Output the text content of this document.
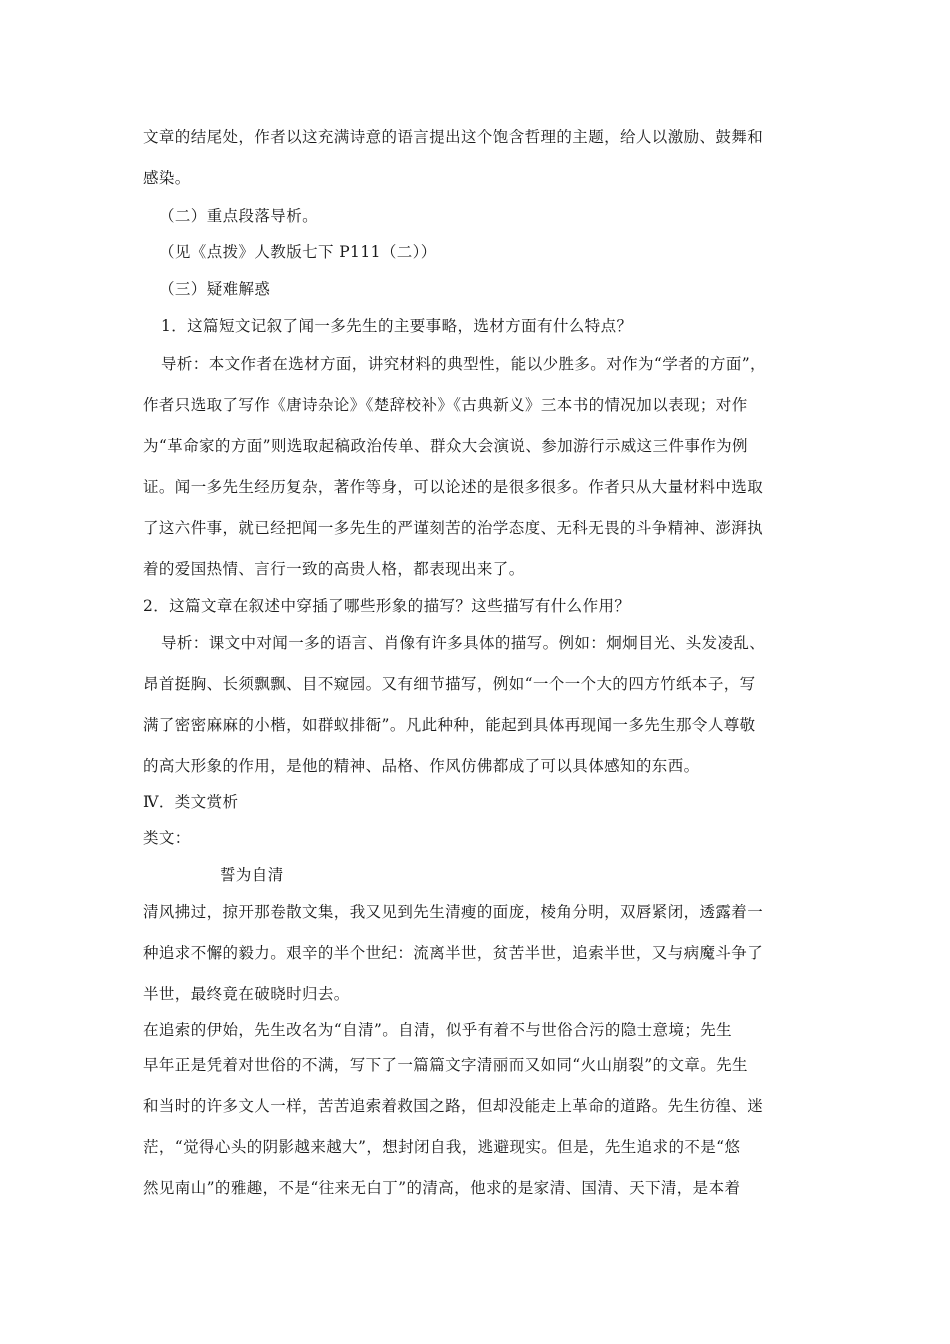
文章的结尾处，作者以这充满诗意的语言提出这个饱含哲理的主题，给人以激励、鼓舞和
感染。
（二）重点段落导析。
（见《点拨》人教版七下 P111（二））
（三）疑难解惑
1．这篇短文记叙了闻一多先生的主要事略，选材方面有什么特点？
导析：本文作者在选材方面，讲究材料的典型性，能以少胜多。对作为“学者的方面”，
作者只选取了写作《唐诗杂论》《楚辞校补》《古典新义》三本书的情况加以表现；对作
为“革命家的方面”则选取起稿政治传单、群众大会演说、参加游行示威这三件事作为例
证。闻一多先生经历复杂，著作等身，可以论述的是很多很多。作者只从大量材料中选取
了这六件事，就已经把闻一多先生的严谨刻苦的治学态度、无科无畏的斗争精神、澎湃执
着的爱国热情、言行一致的高贵人格，都表现出来了。
2．这篇文章在叙述中穿插了哪些形象的描写？这些描写有什么作用？
导析：课文中对闻一多的语言、肖像有许多具体的描写。例如：炯炯目光、头发凌乱、
昂首挺胸、长须飘飘、目不窥园。又有细节描写，例如“一个一个大的四方竹纸本子，写
满了密密麻麻的小楷，如群蚁排衙”。凡此种种，能起到具体再现闻一多先生那令人尊敬
的高大形象的作用，是他的精神、品格、作风仿佛都成了可以具体感知的东西。
Ⅳ．类文赏析
类文：
誓为自清
清风拂过，掠开那卷散文集，我又见到先生清瘦的面庞，棱角分明，双唇紧闭，透露着一
种追求不懈的毅力。艰辛的半个世纪：流离半世，贫苦半世，追索半世，又与病魔斗争了
半世，最终竟在破晓时归去。
在追索的伊始，先生改名为“自清”。自清，似乎有着不与世俗合污的隐士意境；先生
早年正是凭着对世俗的不满，写下了一篇篇文字清丽而又如同“火山崩裂”的文章。先生
和当时的许多文人一样，苦苦追索着救国之路，但却没能走上革命的道路。先生彷徨、迷
茫，“觉得心头的阴影越来越大”，想封闭自我，逃避现实。但是，先生追求的不是“悠
然见南山”的雅趣，不是“往来无白丁”的清高，他求的是家清、国清、天下清，是本着
